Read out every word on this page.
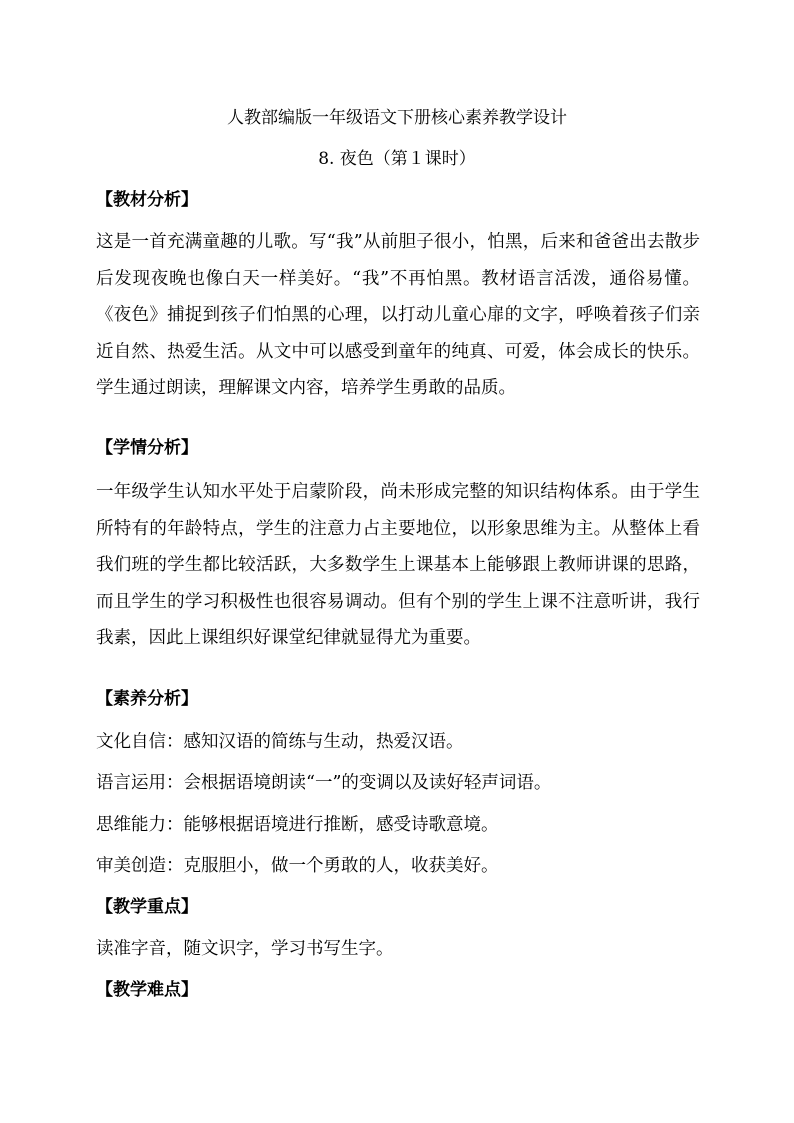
人教部编版一年级语文下册核心素养教学设计
8. 夜色（第１课时）
【教材分析】

这是一首充满童趣的儿歌。写“我”从前胆子很小，怕黑，后来和爸爸出去散步后发现夜晚也像白天一样美好。“我”不再怕黑。教材语言活泼，通俗易懂。《夜色》捕捉到孩子们怕黑的心理，以打动儿童心扉的文字，呼唤着孩子们亲近自然、热爱生活。从文中可以感受到童年的纯真、可爱，体会成长的快乐。学生通过朗读，理解课文内容，培养学生勇敢的品质。

【学情分析】

一年级学生认知水平处于启蒙阶段，尚未形成完整的知识结构体系。由于学生所特有的年龄特点，学生的注意力占主要地位，以形象思维为主。从整体上看我们班的学生都比较活跃，大多数学生上课基本上能够跟上教师讲课的思路，而且学生的学习积极性也很容易调动。但有个别的学生上课不注意听讲，我行我素，因此上课组织好课堂纪律就显得尤为重要。

【素养分析】
文化自信：感知汉语的简练与生动，热爱汉语。
语言运用：会根据语境朗读“一”的变调以及读好轻声词语。
思维能力：能够根据语境进行推断，感受诗歌意境。
审美创造：克服胆小，做一个勇敢的人，收获美好。
【教学重点】
读准字音，随文识字，学习书写生字。
【教学难点】
